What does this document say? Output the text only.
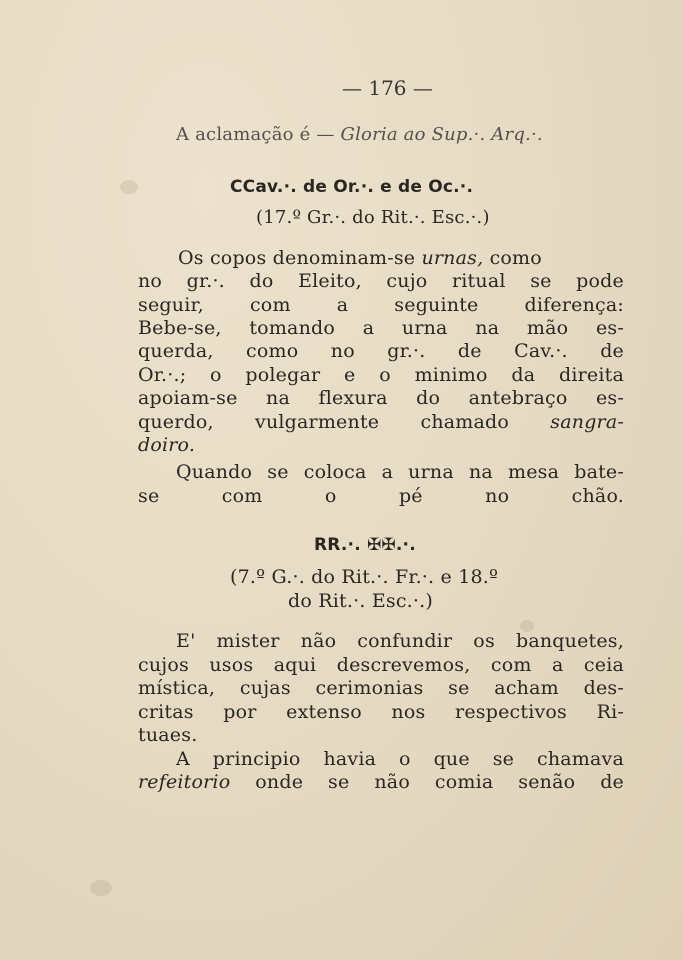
— 176 —
A aclamação é — Gloria ao Sup.·. Arq.·.
CCav.·. de Or.·. e de Oc.·.
(17.º Gr.·. do Rit.·. Esc.·.)
Os copos denominam-se urnas, como
no gr.·. do Eleito, cujo ritual se pode
seguir, com a seguinte diferença:
Bebe-se, tomando a urna na mão es-
querda, como no gr.·. de Cav.·. de
Or.·.; o polegar e o minimo da direita
apoiam-se na flexura do antebraço es-
querdo, vulgarmente chamado sangra-
doiro.
Quando se coloca a urna na mesa bate-
se com o pé no chão.
RR.·. ✠✠.·.
(7.º G.·. do Rit.·. Fr.·. e 18.º
do Rit.·. Esc.·.)
E' mister não confundir os banquetes,
cujos usos aqui descrevemos, com a ceia
mística, cujas cerimonias se acham des-
critas por extenso nos respectivos Ri-
tuaes.
A principio havia o que se chamava
refeitorio onde se não comia senão de
